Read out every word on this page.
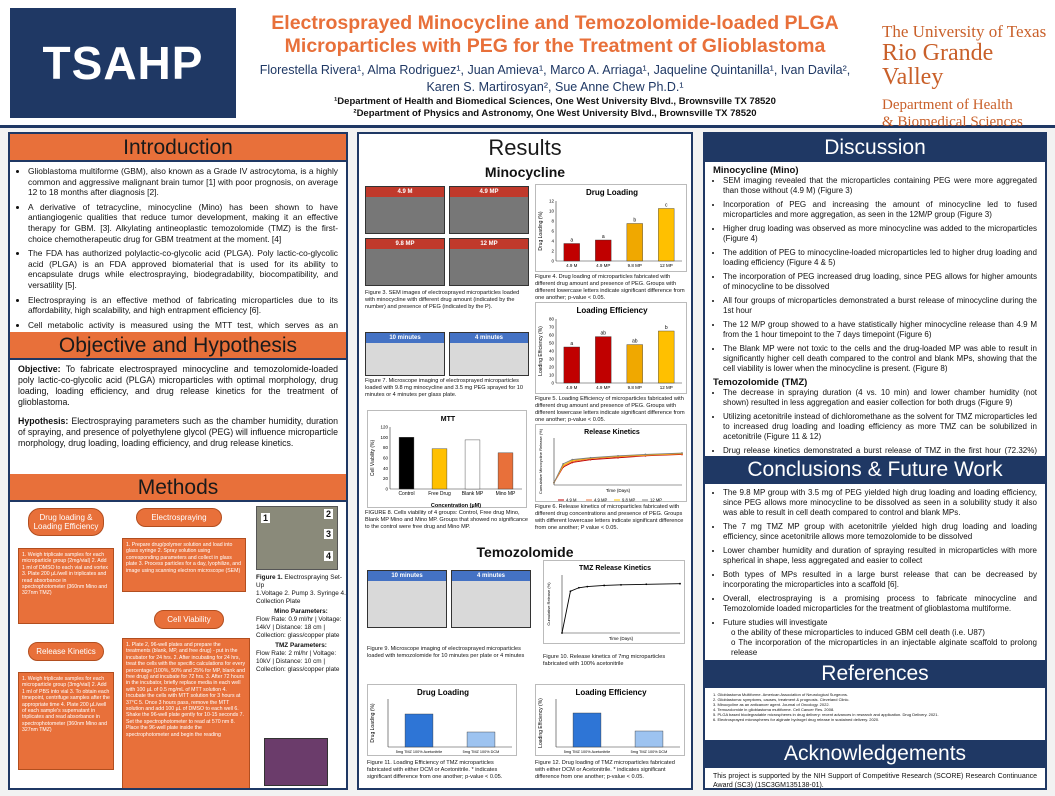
TSAHP
Electrosprayed Minocycline and Temozolomide-loaded PLGA
Microparticles with PEG for the Treatment of Glioblastoma
Florestella Rivera¹, Alma Rodriguez¹, Juan Amieva¹, Marco A. Arriaga¹, Jaqueline Quintanilla¹, Ivan Davila²,
Karen S. Martirosyan², Sue Anne Chew Ph.D.¹
¹Department of Health and Biomedical Sciences, One West University Blvd., Brownsville TX 78520
²Department of Physics and Astronomy, One West University Blvd., Brownsville TX 78520
The University of Texas
Rio Grande Valley
Department of Health
& Biomedical Sciences
Introduction
• Glioblastoma multiforme (GBM), also known as a Grade IV astrocytoma, is a highly common and aggressive malignant brain tumor [1] with poor prognosis, on average 12 to 18 months after diagnosis [2].
• A derivative of tetracycline, minocycline (Mino) has been shown to have antiangiogenic qualities that reduce tumor development, making it an effective therapy for GBM. [3]. Alkylating antineoplastic temozolomide (TMZ) is the first-choice chemotherapeutic drug for GBM treatment at the moment. [4]
• The FDA has authorized polylactic-co-glycolic acid (PLGA). Poly lactic-co-glycolic acid (PLGA) is an FDA approved biomaterial that is used for its ability to encapsulate drugs while electrospraying, biodegradability, biocompatibility, and versatility [5].
• Electrospraying is an effective method of fabricating microparticles due to its affordability, high scalability, and high entrapment efficiency [6].
• Cell metabolic activity is measured using the MTT test, which serves as an
Objective and Hypothesis

Objective: To fabricate electrosprayed minocycline and temozolomide-loaded poly lactic-co-glycolic acid (PLGA) microparticles with optimal morphology, drug loading, loading efficiency, and drug release kinetics for the treatment of glioblastoma.

Hypothesis: Electrospraying parameters such as the chamber humidity, duration of spraying, and presence of polyethylene glycol (PEG) will influence microparticle morphology, drug loading, loading efficiency, and drug release kinetics.

Methods
Drug loading & Loading Efficiency
1. Weigh triplicate samples for each microparticle group (2mg/vial) 2. Add 1 ml of DMSO to each vial and vortex 3. Plate 200 µL/well in triplicates and read absorbance in spectrophotometer (360nm Mino and 327nm TMZ)
Release Kinetics
1. Weigh triplicate samples for each microparticle group (3mg/vial) 2. Add 1 ml of PBS into vial 3. To obtain each timepoint, centrifuge samples after the appropriate time 4. Plate 200 µL/well of each sample's supernatant in triplicates and read absorbance in spectrophotometer (360nm Mino and 327nm TMZ)
Electrospraying
1. Prepare drug/polymer solution and load into glass syringe 2. Spray solution using corresponding parameters and collect in glass plate 3. Process particles for a day, lyophilize, and image using scanning electron microscope (SEM)
Cell Viability
1. Plate 2, 96-well plates and prepare the treatments (blank, MP, and free drug) - put in the incubator for 24 hrs. 2. After incubating for 24 hrs, treat the cells with the specific calculations for every percentage (100%, 50% and 25% for MP, blank and free drug) and incubate for 72 hrs. 3. After 72 hours in the incubator, briefly replace media in each well with 100 µL of 0.5 mg/mL of MTT solution 4. Incubate the cells with MTT solution for 3 hours at 37°C 5. Once 3 hours pass, remove the MTT solution and add 100 µL of DMSO to each well 6. Shake the 96-well plate gently for 10-15 seconds 7. Set the spectrophotometer to read at 570 nm 8. Place the 96-well plate inside the spectrophotometer and begin the reading
1	2
3
4
Figure 1. Electrospraying Set-Up
1.Voltage 2. Pump 3. Syringe 4. Collection Plate
Mino Parameters:
Flow Rate: 0.9 ml/hr | Voltage: 14kV | Distance: 18 cm | Collection: glass/copper plate
TMZ Parameters:
Flow Rate: 2 ml/hr | Voltage: 10kV | Distance: 10 cm | Collection: glass/copper plate
Results
Minocycline
4.9 M	4.9 MP
9.8 MP	12 MP
Figure 3. SEM images of electrosprayed microparticles loaded with minocycline with different drug amount (indicated by the number) and presence of PEG (indicated by the P).
10 minutes	4 minutes
Figure 7. Microscope imaging of electrosprayed microparticles loaded with 9.8 mg minocycline and 3.5 mg PEG sprayed for 10 minutes or 4 minutes per glass plate.
MTT
Cell Viability (%)
0
20
40
60
80
100
120
Control	Free Drug Blank MP Mino MP
Concentration (µM)
FIGURE 8. Cells viability of 4 groups: Control, Free drug Mino, Blank MP Mino and Mino MP. Groups that showed no significance to the control were free drug and Mino MP.
Drug Loading
Drug Loading (%)
0
2
4
6
8
10
12
4.9 M
a
4.9 MP
a
9.8 MP
b
12 MP
c
Figure 4. Drug loading of microparticles fabricated with different drug amount and presence of PEG. Groups with different lowercase letters indicate significant difference from one another; p-value < 0.05.
Loading Efficiency
Loading Efficiency (%)
0
10
20
30
40
50
60
70
80
4.9 M
a
4.9 MP
ab
9.8 MP
ab
12 MP
b
Figure 5. Loading Efficiency of microparticles fabricated with different drug amount and presence of PEG. Groups with different lowercase letters indicate significant difference from one another; p-value < 0.05.
Release Kinetics
Cumulative Minocycline Release (%)	Time (Days)
4.9 M	4.9 MP	9.8 MP	12 MP
Figure 6. Release kinetics of microparticles fabricated with different drug concentrations and presence of PEG. Groups with different lowercase letters indicate significant difference from one another; P value < 0.05.
Temozolomide
10 minutes	4 minutes
Figure 9. Microscope imaging of electrosprayed microparticles loaded with temozolomide for 10 minutes per plate or 4 minutes
TMZ Release Kinetics
Cumulative Release (%)
Time (Days)
Figure 10. Release kinetics of 7mg microparticles fabricated with 100% acetonitrile
Drug Loading
Drug Loading (%)
5mg TMZ 100% Acetonitrile	5mg TMZ 100% DCM
Figure 11. Loading Efficiency of TMZ microparticles fabricated with either DCM or Acetonitrile. * indicates significant difference from one another; p-value < 0.05.
Loading Efficiency
Loading Efficiency (%)
5mg TMZ 100% Acetonitrile	5mg TMZ 100% DCM
Figure 12. Drug loading of TMZ microparticles fabricated with either DCM or Acetonitrile. * indicates significant difference from one another; p-value < 0.05.
Discussion
Minocycline (Mino)
• SEM imaging revealed that the microparticles containing PEG were more aggregated than those without (4.9 M) (Figure 3)
• Incorporation of PEG and increasing the amount of minocycline led to fused microparticles and more aggregation, as seen in the 12M/P group (Figure 3)
• Higher drug loading was observed as more minocycline was added to the microparticles (Figure 4)
• The addition of PEG to minocycline-loaded microparticles led to higher drug loading and loading efficiency (Figure 4 & 5)
• The incorporation of PEG increased drug loading, since PEG allows for higher amounts of minocycline to be dissolved
• All four groups of microparticles demonstrated a burst release of minocycline during the 1st hour
• The 12 M/P group showed to a have statistically higher minocycline release than 4.9 M from the 1 hour timepoint to the 7 days timepoint (Figure 6)
• The Blank MP were not toxic to the cells and the drug-loaded MP was able to result in significantly higher cell death compared to the control and blank MPs, showing that the cell viability is lower when the minocycline is present. (Figure 8)
Temozolomide (TMZ)
• The decrease in spraying duration (4 vs. 10 min) and lower chamber humidity (not shown) resulted in less aggregation and easier collection for both drugs (Figure 9)
• Utilizing acetonitrile instead of dichloromethane as the solvent for TMZ microparticles led to increased drug loading and loading efficiency as more TMZ can be solubilized in acetonitrile (Figure 11 & 12)
• Drug release kinetics demonstrated a burst release of TMZ in the first hour (72.32%)
Conclusions & Future Work
• The 9.8 MP group with 3.5 mg of PEG yielded high drug loading and loading efficiency, since PEG allows more minocycline to be dissolved as seen in a solubility study it also was able to result in cell death compared to control and blank MPs.
• The 7 mg TMZ MP group with acetonitrile yielded high drug loading and loading efficiency, since acetonitrile allows more temozolomide to be dissolved
• Lower chamber humidity and duration of spraying resulted in microparticles with more spherical in shape, less aggregated and easier to collect
• Both types of MPs resulted in a large burst release that can be decreased by incorporating the microparticles into a scaffold [6].
• Overall, electrospraying is a promising process to fabricate minocycline and Temozolomide loaded microparticles for the treatment of glioblastoma multiforme.
• Future studies will investigate
o the ability of these microparticles to induced GBM cell death (i.e. U87)
o The incorporation of the microparticles in an injectable alginate scaffold to prolong release
References
1. Glioblastoma Multiforme. American Association of Neurological Surgeons.
2. Glioblastoma: symptoms, causes, treatment & prognosis. Cleveland Clinic.
3. Minocycline as an anticancer agent. Journal of Oncology. 2022.
4. Temozolomide in glioblastoma multiforme. Cell Cancer Res. 2008.
5. PLGA based biodegradable microspheres in drug delivery: recent advances in research and application. Drug Delivery. 2021.
6. Electrosprayed microspheres for alginate hydrogel drug release in sustained delivery. 2020.
Acknowledgements
This project is supported by the NIH Support of Competitive Research (SCORE) Research Continuance Award (SC3) (1SC3GM135138-01).
